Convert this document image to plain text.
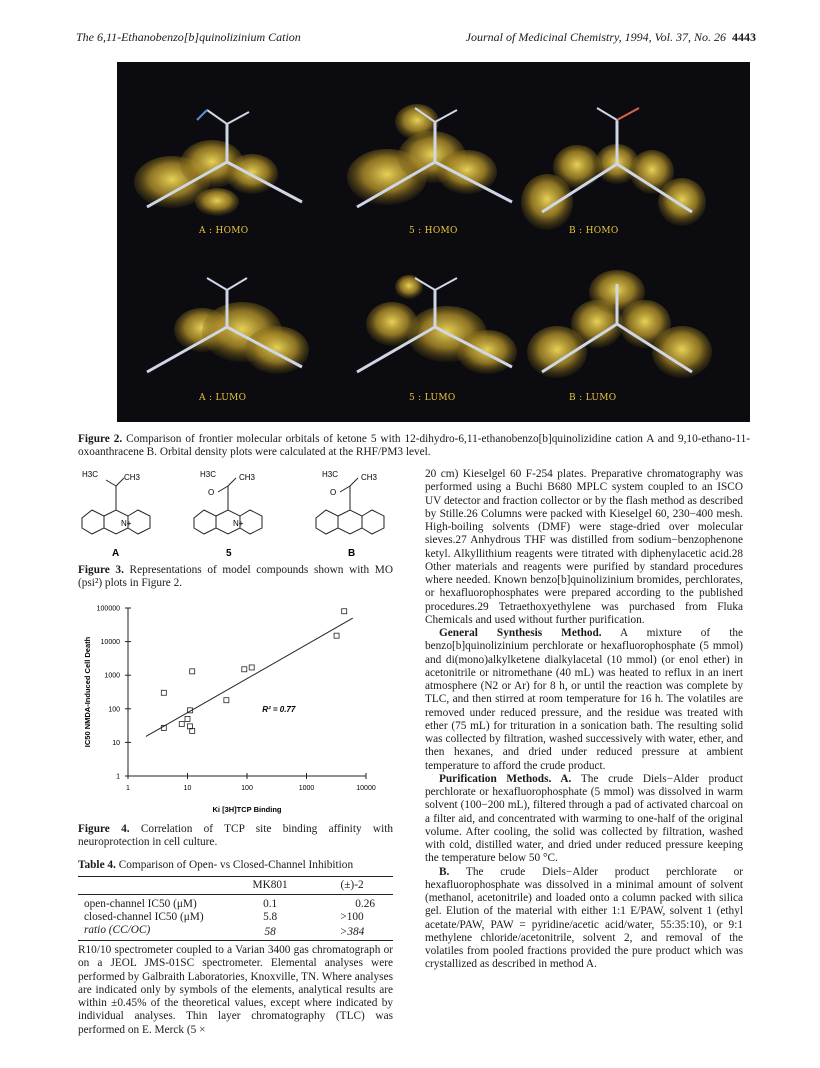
The 6,11-Ethanobenzo[b]quinolizinium Cation	Journal of Medicinal Chemistry, 1994, Vol. 37, No. 26 4443
A : HOMO	5 : HOMO	B : HOMO
A : LUMO	5 : LUMO	B : LUMO
Figure 2. Comparison of frontier molecular orbitals of ketone 5 with 12-dihydro-6,11-ethanobenzo[b]quinolizidine cation A and 9,10-ethano-11-oxoanthracene B. Orbital density plots were calculated at the RHF/PM3 level.
H3C	CH3
N+
H3C	CH3
O
N+
H3C	CH3
O
A	5	B
Figure 3. Representations of model compounds shown with MO (psi²) plots in Figure 2.
1	10	100	1000	10000
1
10
100
1000
10000
100000
R² = 0.77
Ki [3H]TCP Binding
IC50 NMDA-Induced Cell Death
Figure 4. Correlation of TCP site binding affinity with neuroprotection in cell culture.
Table 4. Comparison of Open- vs Closed-Channel Inhibition
	MK801	(±)-2
open-channel IC50 (μM)	0.1	0.26
closed-channel IC50 (μM)	5.8	>100
ratio (CC/OC)	58	>384

R10/10 spectrometer coupled to a Varian 3400 gas chromatograph or on a JEOL JMS-01SC spectrometer. Elemental analyses were performed by Galbraith Laboratories, Knoxville, TN. Where analyses are indicated only by symbols of the elements, analytical results are within ±0.45% of the theoretical values, except where indicated by individual analyses. Thin layer chromatography (TLC) was performed on E. Merck (5 ×

20 cm) Kieselgel 60 F-254 plates. Preparative chromatography was performed using a Buchi B680 MPLC system coupled to an ISCO UV detector and fraction collector or by the flash method as described by Stille.26 Columns were packed with Kieselgel 60, 230−400 mesh. High-boiling solvents (DMF) were stage-dried over molecular sieves.27 Anhydrous THF was distilled from sodium−benzophenone ketyl. Alkyllithium reagents were titrated with diphenylacetic acid.28 Other materials and reagents were purified by standard procedures where needed. Known benzo[b]quinolizinium bromides, perchlorates, or hexafluorophosphates were prepared according to the published procedures.29 Tetraethoxyethylene was purchased from Fluka Chemicals and used without further purification.

General Synthesis Method. A mixture of the benzo[b]quinolizinium perchlorate or hexafluorophosphate (5 mmol) and di(mono)alkylketene dialkylacetal (10 mmol) (or enol ether) in acetonitrile or nitromethane (40 mL) was heated to reflux in an inert atmosphere (N2 or Ar) for 8 h, or until the reaction was complete by TLC, and then stirred at room temperature for 16 h. The volatiles are removed under reduced pressure, and the residue was treated with ether (75 mL) for trituration in a sonication bath. The resulting solid was collected by filtration, washed successively with water, ether, and then hexanes, and dried under reduced pressure at ambient temperature to afford the crude product.

Purification Methods. A. The crude Diels−Alder product perchlorate or hexafluorophosphate (5 mmol) was dissolved in warm solvent (100−200 mL), filtered through a pad of activated charcoal on a filter aid, and concentrated with warming to one-half of the original volume. After cooling, the solid was collected by filtration, washed with cold, distilled water, and dried under reduced pressure keeping the temperature below 50 °C.

B. The crude Diels−Alder product perchlorate or hexafluorophosphate was dissolved in a minimal amount of solvent (methanol, acetonitrile) and loaded onto a column packed with silica gel. Elution of the material with either 1:1 E/PAW, solvent 1 (ethyl acetate/PAW, PAW = pyridine/acetic acid/water, 55:35:10), or 9:1 methylene chloride/acetonitrile, solvent 2, and removal of the volatiles from pooled fractions provided the pure product which was crystallized as described in method A.
